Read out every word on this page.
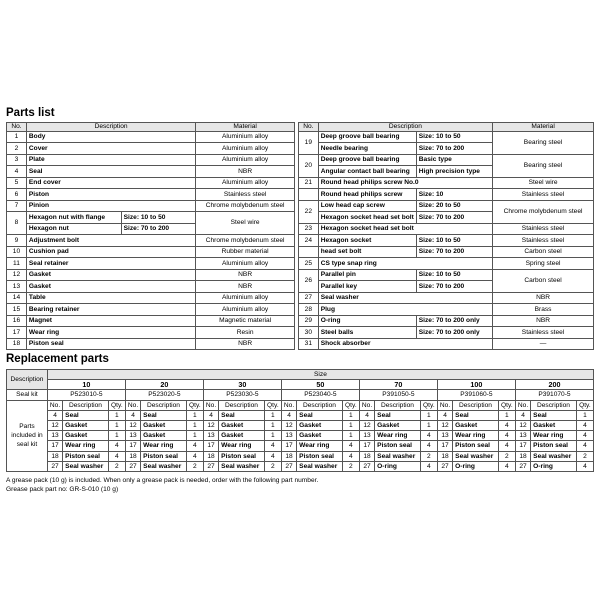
Parts list
No.	Description		Material
1	Body		Aluminium alloy
2	Cover		Aluminium alloy
3	Plate		Aluminium alloy
4	Seal		NBR
5	End cover		Aluminium alloy
6	Piston		Stainless steel
7	Pinion		Chrome molybdenum steel
8	Hexagon nut with flange	Size: 10 to 50	Steel wire
	Hexagon nut	Size: 70 to 200	
9	Adjustment bolt		Chrome molybdenum steel
10	Cushion pad		Rubber material
11	Seal retainer		Aluminium alloy
12	Gasket		NBR
13	Gasket		NBR
14	Table		Aluminium alloy
15	Bearing retainer		Aluminium alloy
16	Magnet		Magnetic material
17	Wear ring		Resin
18	Piston seal		NBR
No.	Description		Material
19	Deep groove ball bearing	Size: 10 to 50	Bearing steel
	Needle bearing	Size: 70 to 200	
20	Deep groove ball bearing	Basic type	Bearing steel
	Angular contact ball bearing	High precision type	
21	Round head philips screw No.0		Steel wire
	Round head philips screw	Size: 10	Stainless steel
22	Low head cap screw	Size: 20 to 50	Chrome molybdenum steel
	Hexagon socket head set bolt	Size: 70 to 200	
23	Hexagon socket head set bolt		Stainless steel
24	Hexagon socket	Size: 10 to 50	Stainless steel
	head set bolt	Size: 70 to 200	Carbon steel
25	CS type snap ring		Spring steel
26	Parallel pin	Size: 10 to 50	Carbon steel
	Parallel key	Size: 70 to 200	
27	Seal washer		NBR
28	Plug		Brass
29	O-ring	Size: 70 to 200 only	NBR
30	Steel balls	Size: 70 to 200 only	Stainless steel
31	Shock absorber		—
Replacement parts
Description	Size																				
	10			20			30			50			70			100			200		
Seal kit	P523010-5			P523020-5			P523030-5			P523040-5			P391050-5			P391060-5			P391070-5		
Parts included in seal kit	No.	Description	Qty.	No.	Description	Qty.	No.	Description	Qty.	No.	Description	Qty.	No.	Description	Qty.	No.	Description	Qty.	No.	Description	Qty.
	4	Seal	1	4	Seal	1	4	Seal	1	4	Seal	1	4	Seal	1	4	Seal	1	4	Seal	1
	12	Gasket	1	12	Gasket	1	12	Gasket	1	12	Gasket	1	12	Gasket	1	12	Gasket	4	12	Gasket	4
	13	Gasket	1	13	Gasket	1	13	Gasket	1	13	Gasket	1	13	Wear ring	4	13	Wear ring	4	13	Wear ring	4
	17	Wear ring	4	17	Wear ring	4	17	Wear ring	4	17	Wear ring	4	17	Piston seal	4	17	Piston seal	4	17	Piston seal	4
	18	Piston seal	4	18	Piston seal	4	18	Piston seal	4	18	Piston seal	4	18	Seal washer	2	18	Seal washer	2	18	Seal washer	2
	27	Seal washer	2	27	Seal washer	2	27	Seal washer	2	27	Seal washer	2	27	O-ring	4	27	O-ring	4	27	O-ring	4
A grease pack (10 g) is included. When only a grease pack is needed, order with the following part number.
Grease pack part no: GR-S-010 (10 g)
